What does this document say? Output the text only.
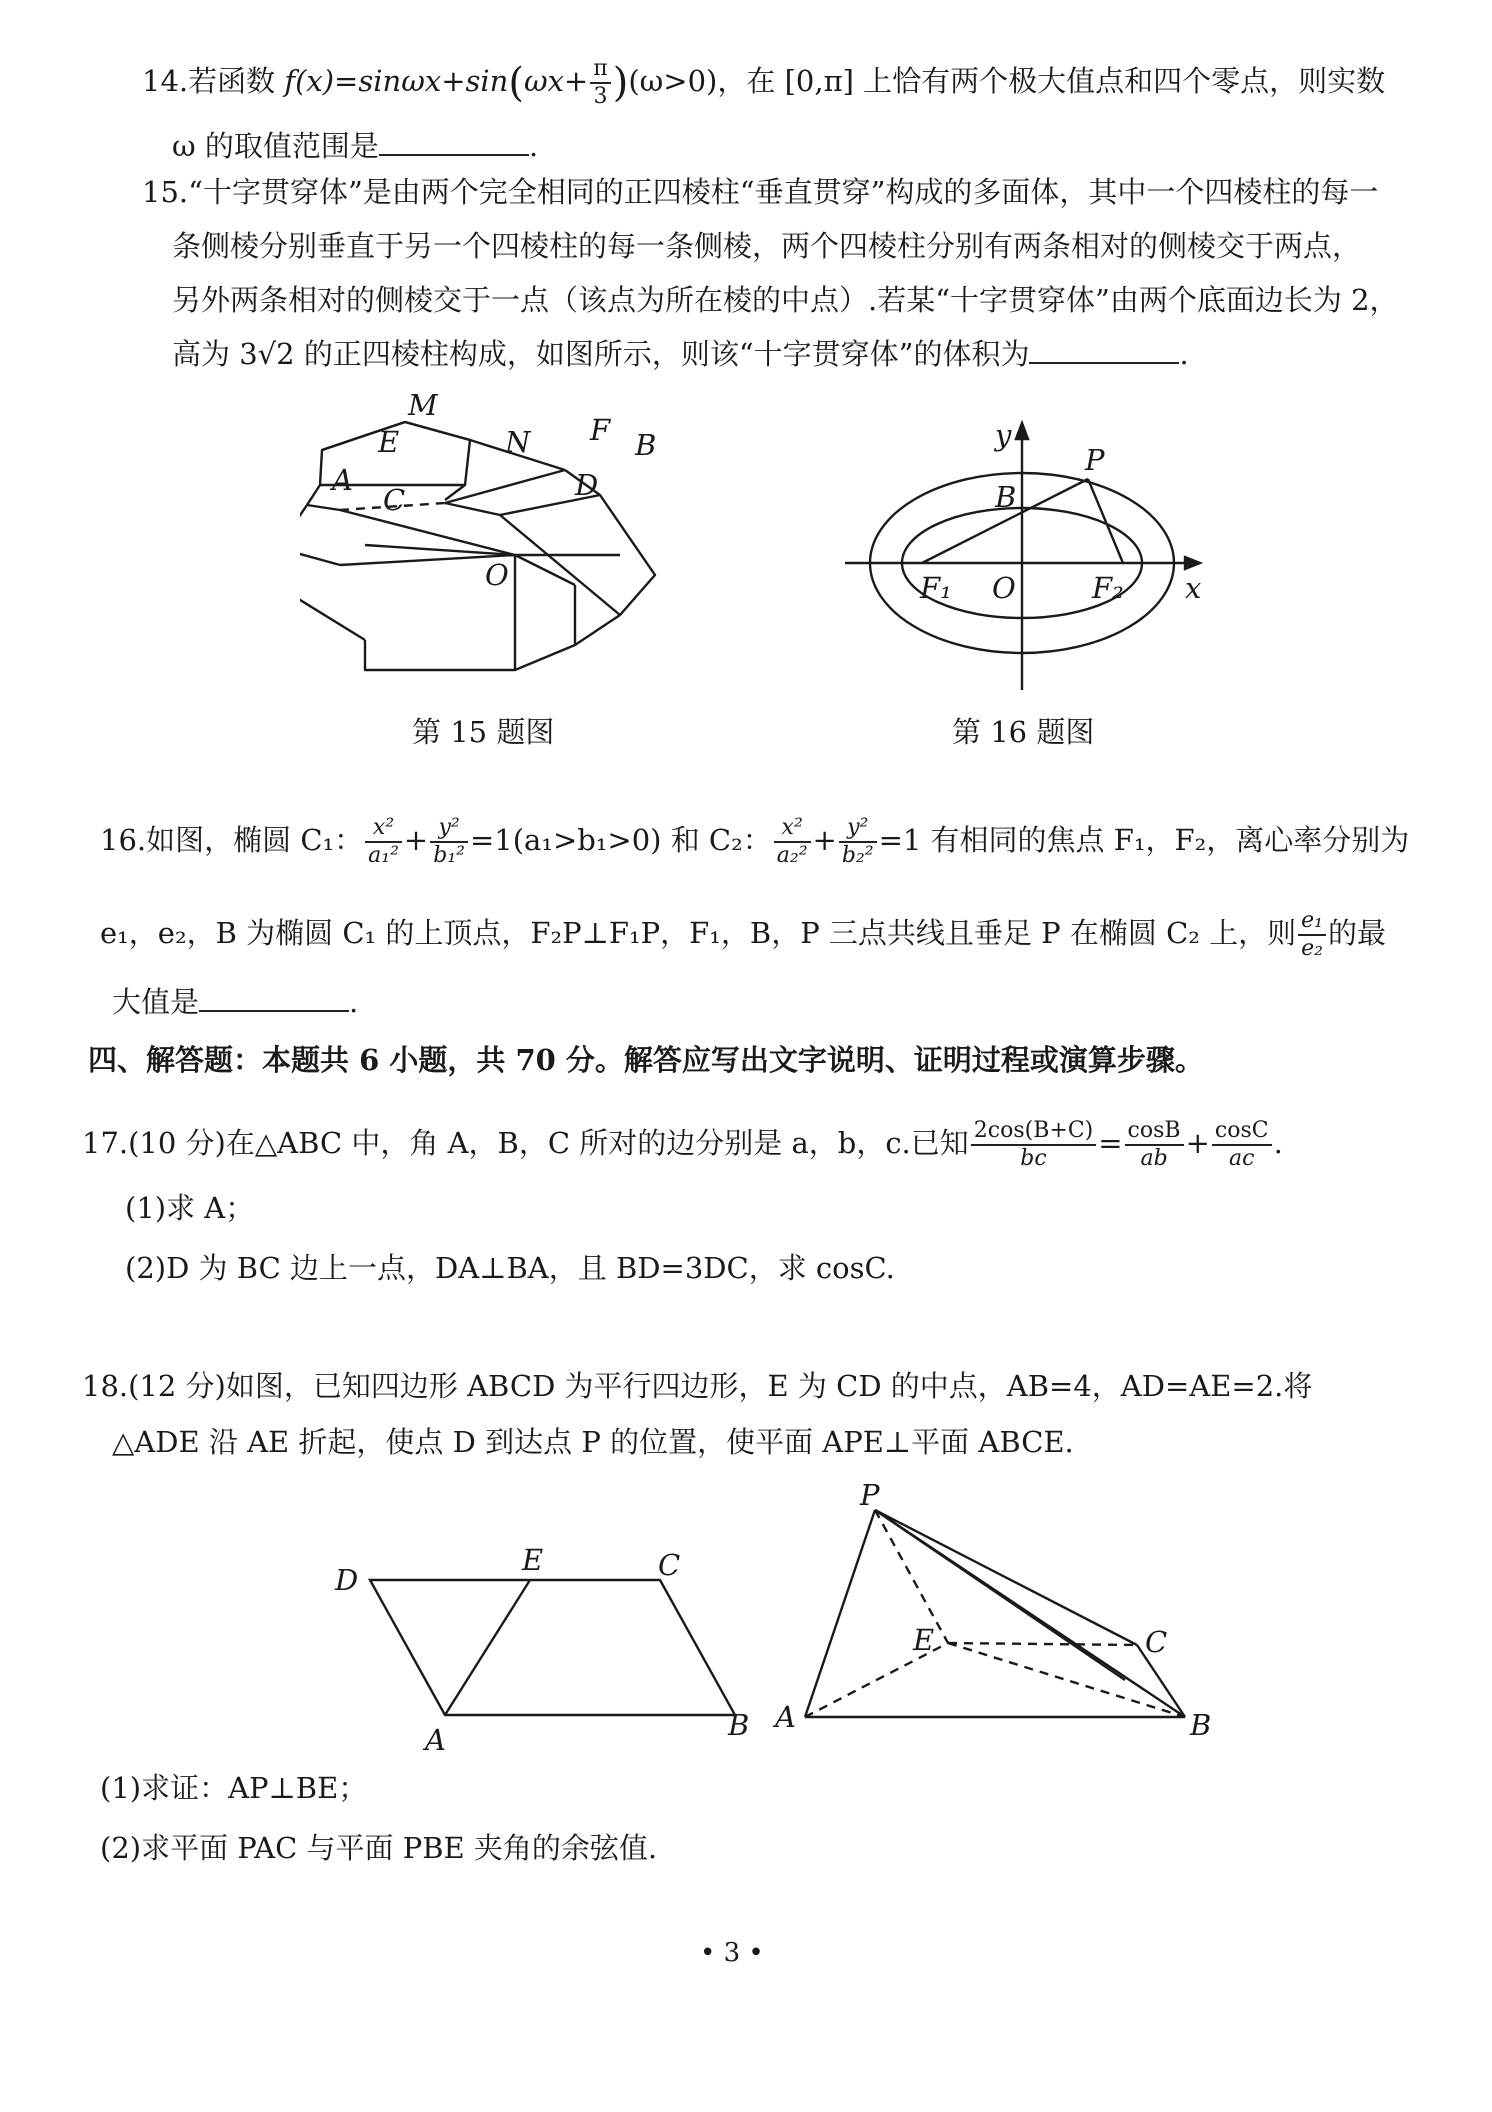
14.若函数 $f(x)=\sin\omega x+\sin(\omega x+ \frac{\pi}{3} )(\omega>0)$，在 [0,π] 上恰有两个极大值点和四个零点，则实数
ω 的取值范围是	.
15.“十字贯穿体”是由两个完全相同的正四棱柱“垂直贯穿”构成的多面体，其中一个四棱柱的每一
条侧棱分别垂直于另一个四棱柱的每一条侧棱，两个四棱柱分别有两条相对的侧棱交于两点，
另外两条相对的侧棱交于一点（该点为所在棱的中点）.若某“十字贯穿体”由两个底面边长为 2，
高为 3√2 的正四棱柱构成，如图所示，则该“十字贯穿体”的体积为	.
M
E	N F B
A
C	D
O
第 15 题图
y
P
B
F₁ O	F₂ x
第 16 题图
16.如图，椭圆 C₁： $\frac{\text{x²}}{\text{a₁²}} + \frac{\text{y²}}{\text{b₁²}} =1(a_1>b_1>0)$ 和 C₂： $\frac{\text{x²}}{\text{a₂²}} + \frac{\text{y²}}{\text{b₂²}} =1$ 有相同的焦点 F₁，F₂，离心率分别为
e₁，e₂，B 为椭圆 C₁ 的上顶点，F₂P⊥F₁P，F₁，B，P 三点共线且垂足 P 在椭圆 C₂ 上，则 $\frac{\text{e₁}}{\text{e₂}}$ 的最
大值是	.
四、解答题：本题共 6 小题，共 70 分。解答应写出文字说明、证明过程或演算步骤。
17.(10 分)在△ABC 中，角 A，B，C 所对的边分别是 a，b，c.已知 $\frac{2\cos(B+C)}{bc} = \frac{\cos B}{ab} + \frac{\cos C}{ac}$ .
(1)求 A；
(2)D 为 BC 边上一点，DA⊥BA，且 BD=3DC，求 cosC.
18.(12 分)如图，已知四边形 ABCD 为平行四边形，E 为 CD 的中点，AB=4，AD=AE=2.将
△ADE 沿 AE 折起，使点 D 到达点 P 的位置，使平面 APE⊥平面 ABCE.
D
E	C
A	B
P
E	C
A	B
(1)求证：AP⊥BE；
(2)求平面 PAC 与平面 PBE 夹角的余弦值.
• 3 •
